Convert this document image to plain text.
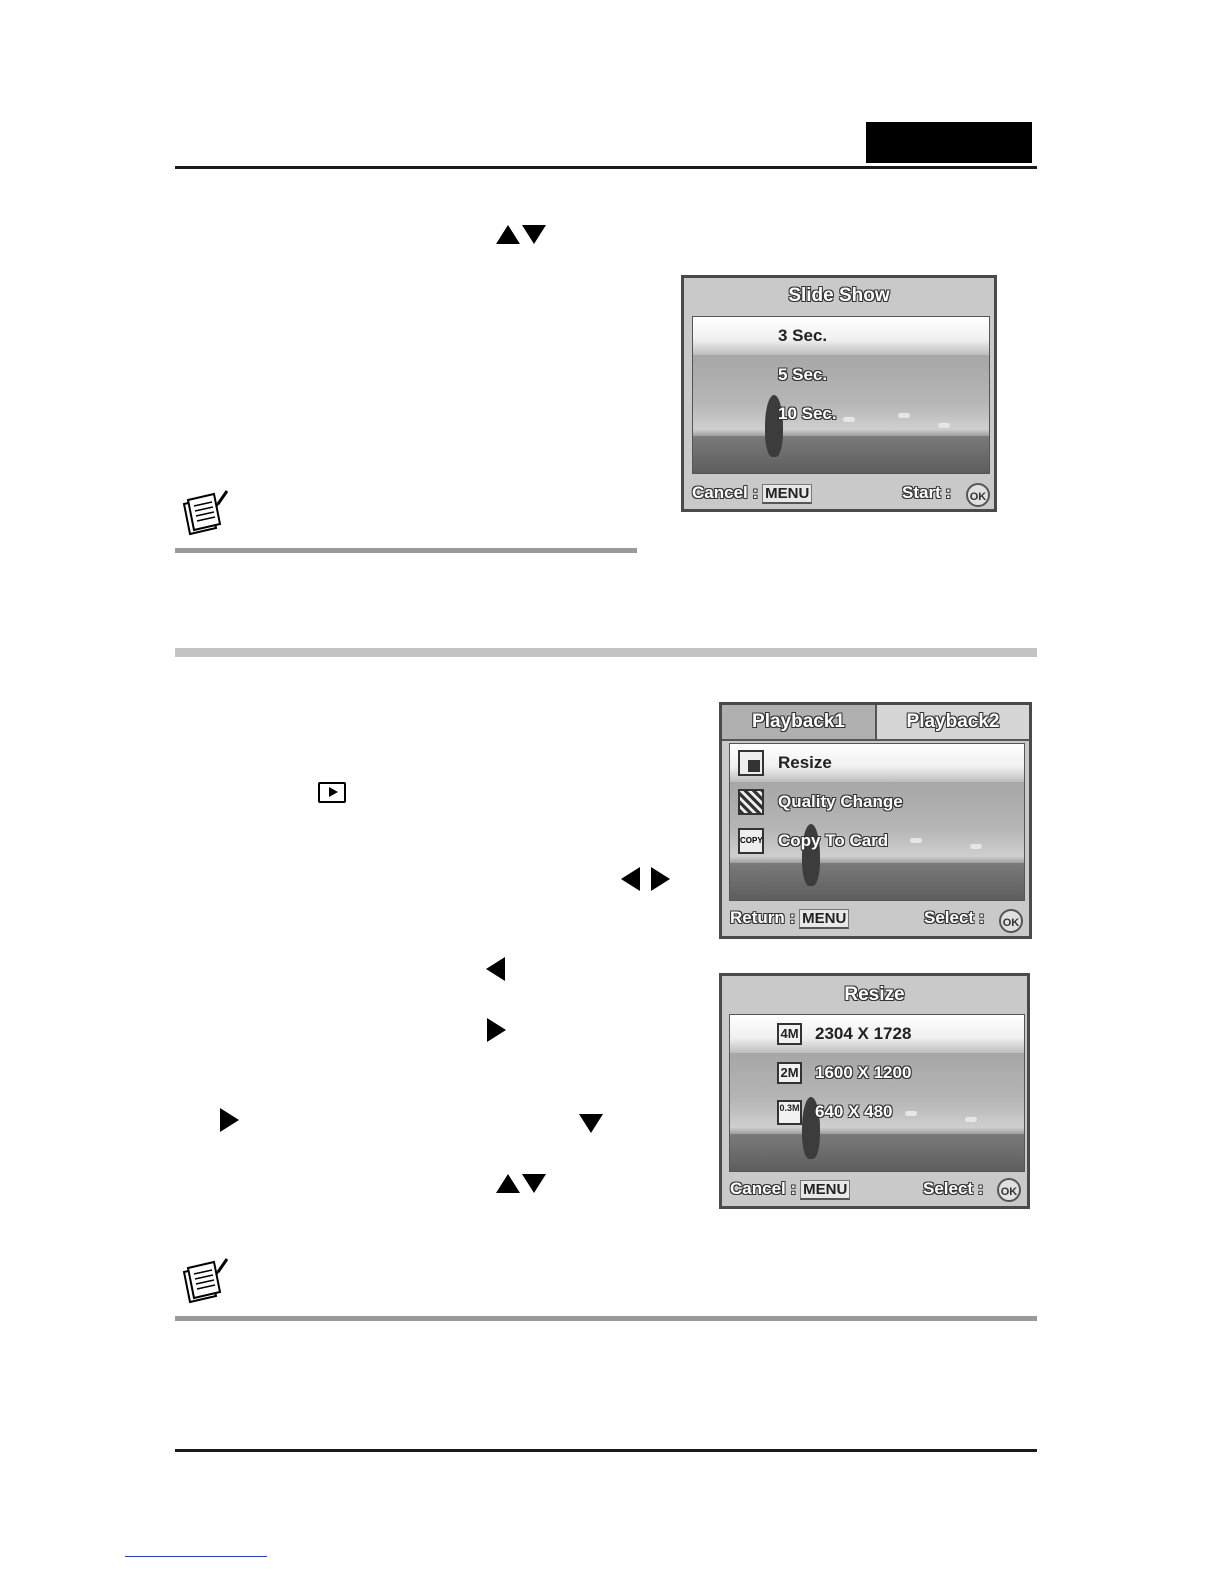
Slide Show
3 Sec.
5 Sec.
10 Sec.
Cancel : MENU	Start :	OK
Playback1	Playback2
Resize
Quality Change
COPY Copy To Card
Return : MENU	Select :	OK
Resize
4M 2304 X 1728
2M 1600 X 1200
0.3M 640 X 480
Cancel : MENU	Select :	OK
